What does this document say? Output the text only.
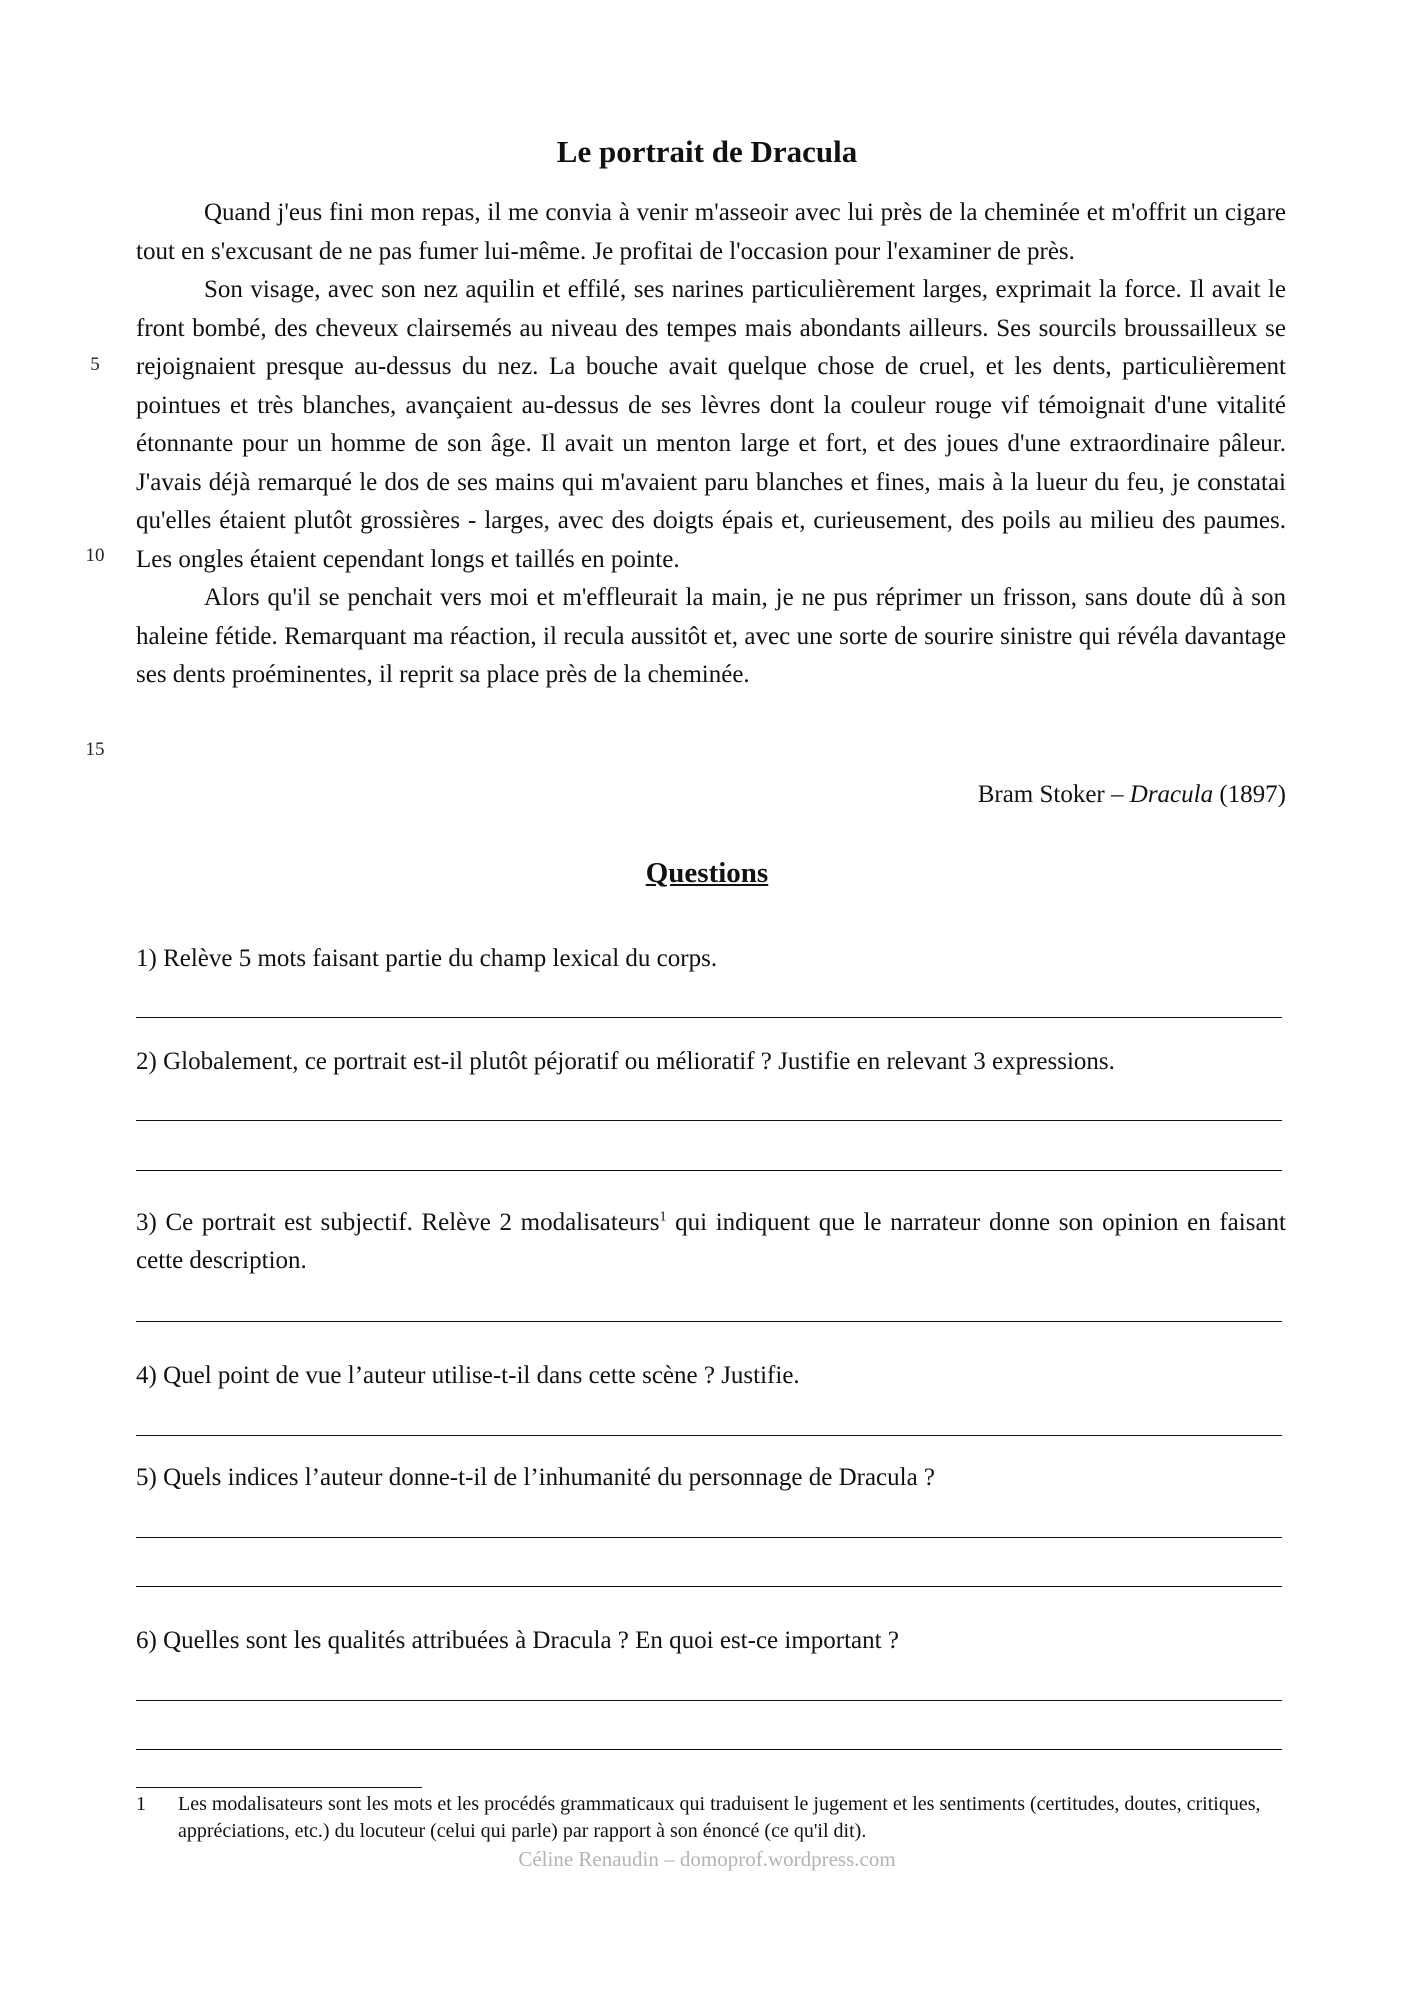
Le portrait de Dracula

Quand j'eus fini mon repas, il me convia à venir m'asseoir avec lui près de la cheminée et m'offrit un cigare tout en s'excusant de ne pas fumer lui-même. Je profitai de l'occasion pour l'examiner de près.

Son visage, avec son nez aquilin et effilé, ses narines particulièrement larges, exprimait la force. Il avait le front bombé, des cheveux clairsemés au niveau des tempes mais abondants ailleurs. Ses sourcils broussailleux se rejoignaient presque au-dessus du nez. La bouche avait quelque chose de cruel, et les dents, particulièrement pointues et très blanches, avançaient au-dessus de ses lèvres dont la couleur rouge vif témoignait d'une vitalité étonnante pour un homme de son âge. Il avait un menton large et fort, et des joues d'une extraordinaire pâleur. J'avais déjà remarqué le dos de ses mains qui m'avaient paru blanches et fines, mais à la lueur du feu, je constatai qu'elles étaient plutôt grossières - larges, avec des doigts épais et, curieusement, des poils au milieu des paumes. Les ongles étaient cependant longs et taillés en pointe.

Alors qu'il se penchait vers moi et m'effleurait la main, je ne pus réprimer un frisson, sans doute dû à son haleine fétide. Remarquant ma réaction, il recula aussitôt et, avec une sorte de sourire sinistre qui révéla davantage ses dents proéminentes, il reprit sa place près de la cheminée.

5
10
15

Bram Stoker – Dracula (1897)

Questions

1) Relève 5 mots faisant partie du champ lexical du corps.

2) Globalement, ce portrait est-il plutôt péjoratif ou mélioratif ? Justifie en relevant 3 expressions.

3) Ce portrait est subjectif. Relève 2 modalisateurs$^1$ qui indiquent que le narrateur donne son opinion en faisant cette description.

4) Quel point de vue l’auteur utilise-t-il dans cette scène ? Justifie.

5) Quels indices l’auteur donne-t-il de l’inhumanité du personnage de Dracula ?

6) Quelles sont les qualités attribuées à Dracula ? En quoi est-ce important ?

1 Les modalisateurs sont les mots et les procédés grammaticaux qui traduisent le jugement et les sentiments (certitudes, doutes, critiques, appréciations, etc.) du locuteur (celui qui parle) par rapport à son énoncé (ce qu'il dit).

Céline Renaudin – domoprof.wordpress.com
